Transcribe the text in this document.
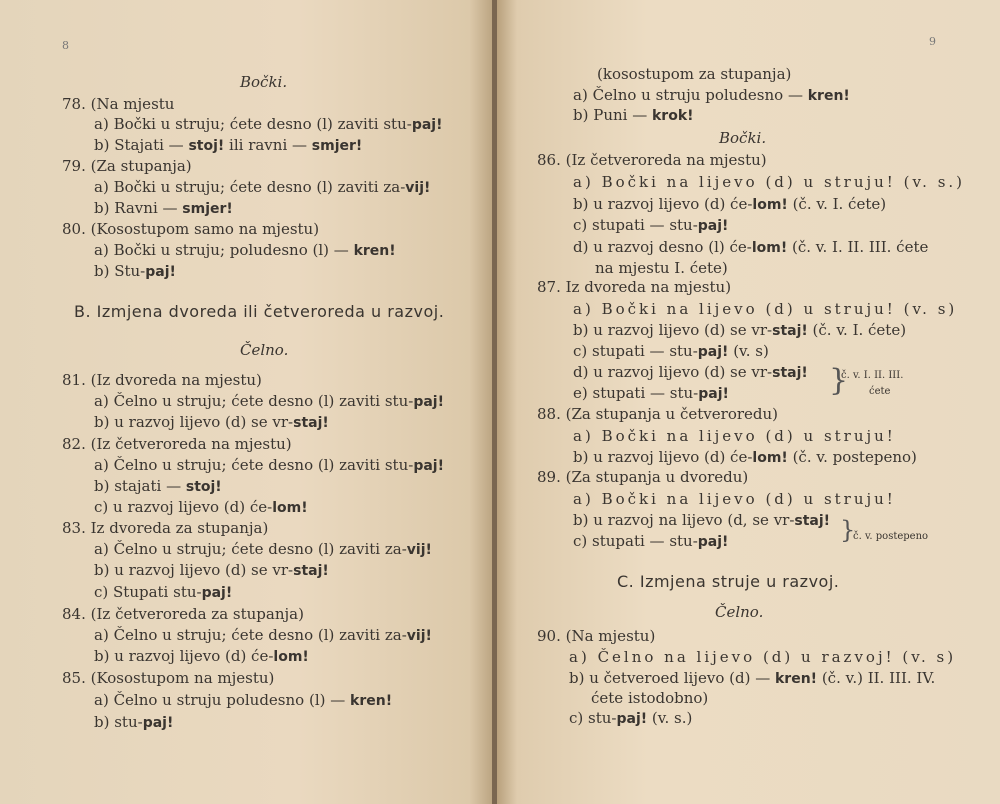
8
Bočki.
78. (Na mjestu
a) Bočki u struju; ćete desno (l) zaviti stu-paj!
b) Stajati — stoj! ili ravni — smjer!
79. (Za stupanja)
a) Bočki u struju; ćete desno (l) zaviti za-vij!
b) Ravni — smjer!
80. (Kosostupom samo na mjestu)
a) Bočki u struju; poludesno (l) — kren!
b) Stu-paj!
B. Izmjena dvoreda ili četveroreda u razvoj.
Čelno.
81. (Iz dvoreda na mjestu)
a) Čelno u struju; ćete desno (l) zaviti stu-paj!
b) u razvoj lijevo (d) se vr-staj!
82. (Iz četveroreda na mjestu)
a) Čelno u struju; ćete desno (l) zaviti stu-paj!
b) stajati — stoj!
c) u razvoj lijevo (d) će-lom!
83. Iz dvoreda za stupanja)
a) Čelno u struju; ćete desno (l) zaviti za-vij!
b) u razvoj lijevo (d) se vr-staj!
c) Stupati stu-paj!
84. (Iz četveroreda za stupanja)
a) Čelno u struju; ćete desno (l) zaviti za-vij!
b) u razvoj lijevo (d) će-lom!
85. (Kosostupom na mjestu)
a) Čelno u struju poludesno (l) — kren!
b) stu-paj!
9
(kosostupom za stupanja)
a) Čelno u struju poludesno — kren!
b) Puni — krok!
Bočki.
86. (Iz četveroreda na mjestu)
a) Bočki na lijevo (d) u struju! (v. s.)
b) u razvoj lijevo (d) će-lom! (č. v. I. ćete)
c) stupati — stu-paj!
d) u razvoj desno (l) će-lom! (č. v. I. II. III. ćete
na mjestu I. ćete)
87. Iz dvoreda na mjestu)
a) Bočki na lijevo (d) u struju! (v. s)
b) u razvoj lijevo (d) se vr-staj! (č. v. I. ćete)
c) stupati — stu-paj! (v. s)
d) u razvoj lijevo (d) se vr-staj!
e) stupati — stu-paj!	}
č. v. I. II. III.
ćete
88. (Za stupanja u četveroredu)
a) Bočki na lijevo (d) u struju!
b) u razvoj lijevo (d) će-lom! (č. v. postepeno)
89. (Za stupanja u dvoredu)
a) Bočki na lijevo (d) u struju!
b) u razvoj na lijevo (d, se vr-staj!
c) stupati — stu-paj!	}
č. v. postepeno
C. Izmjena struje u razvoj.
Čelno.
90. (Na mjestu)
a) Čelno na lijevo (d) u razvoj! (v. s)
b) u četveroed lijevo (d) — kren! (č. v.) II. III. IV.
ćete istodobno)
c) stu-paj! (v. s.)
